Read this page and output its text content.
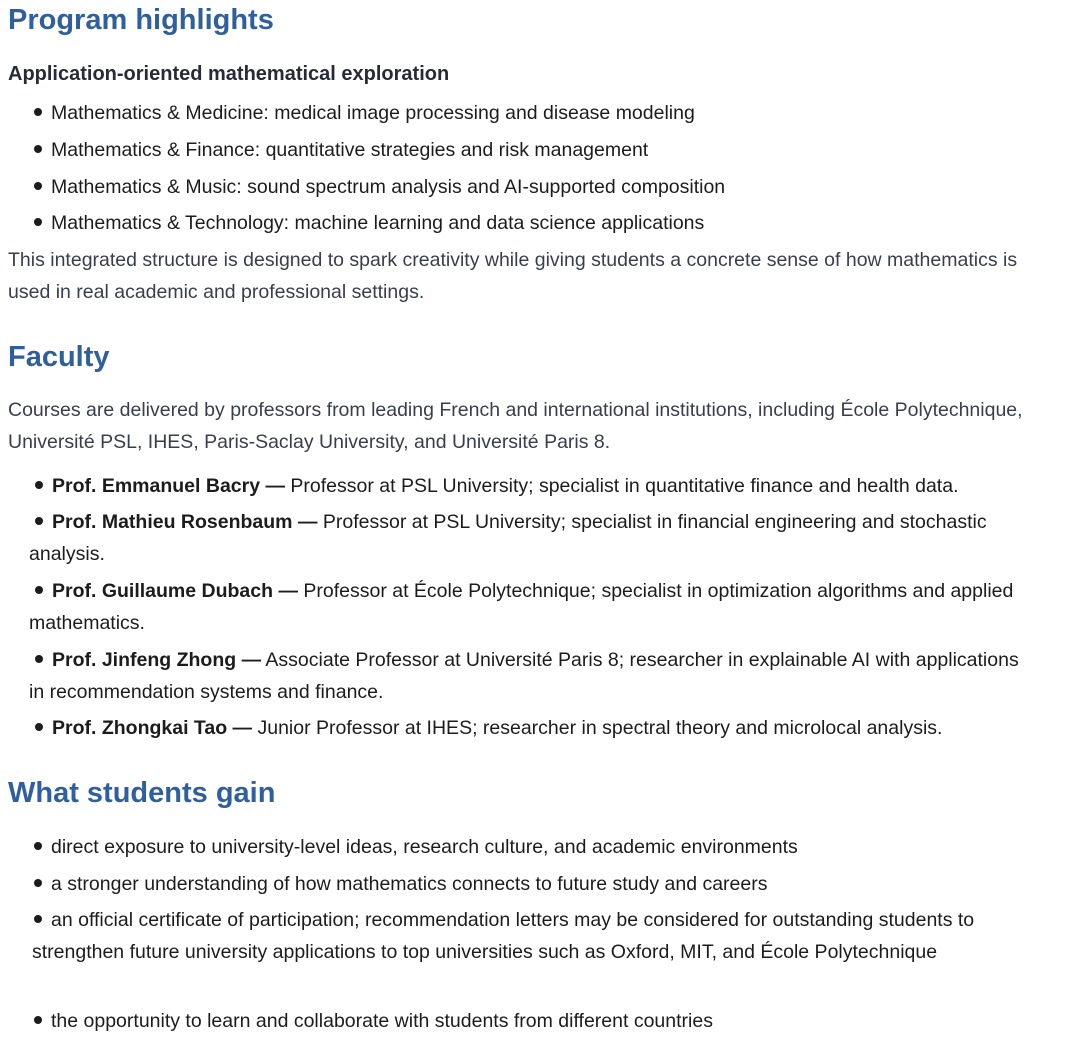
Program highlights
Application-oriented mathematical exploration
Mathematics & Medicine: medical image processing and disease modeling
Mathematics & Finance: quantitative strategies and risk management
Mathematics & Music: sound spectrum analysis and AI-supported composition
Mathematics & Technology: machine learning and data science applications

This integrated structure is designed to spark creativity while giving students a concrete sense of how mathematics is used in real academic and professional settings.

Faculty

Courses are delivered by professors from leading French and international institutions, including École Polytechnique, Université PSL, IHES, Paris-Saclay University, and Université Paris 8.

Prof. Emmanuel Bacry — Professor at PSL University; specialist in quantitative finance and health data.
Prof. Mathieu Rosenbaum — Professor at PSL University; specialist in financial engineering and stochastic analysis.
Prof. Guillaume Dubach — Professor at École Polytechnique; specialist in optimization algorithms and applied mathematics.
Prof. Jinfeng Zhong — Associate Professor at Université Paris 8; researcher in explainable AI with applications in recommendation systems and finance.
Prof. Zhongkai Tao — Junior Professor at IHES; researcher in spectral theory and microlocal analysis.
What students gain
direct exposure to university-level ideas, research culture, and academic environments
a stronger understanding of how mathematics connects to future study and careers
an official certificate of participation; recommendation letters may be considered for outstanding students to strengthen future university applications to top universities such as Oxford, MIT, and École Polytechnique
the opportunity to learn and collaborate with students from different countries
